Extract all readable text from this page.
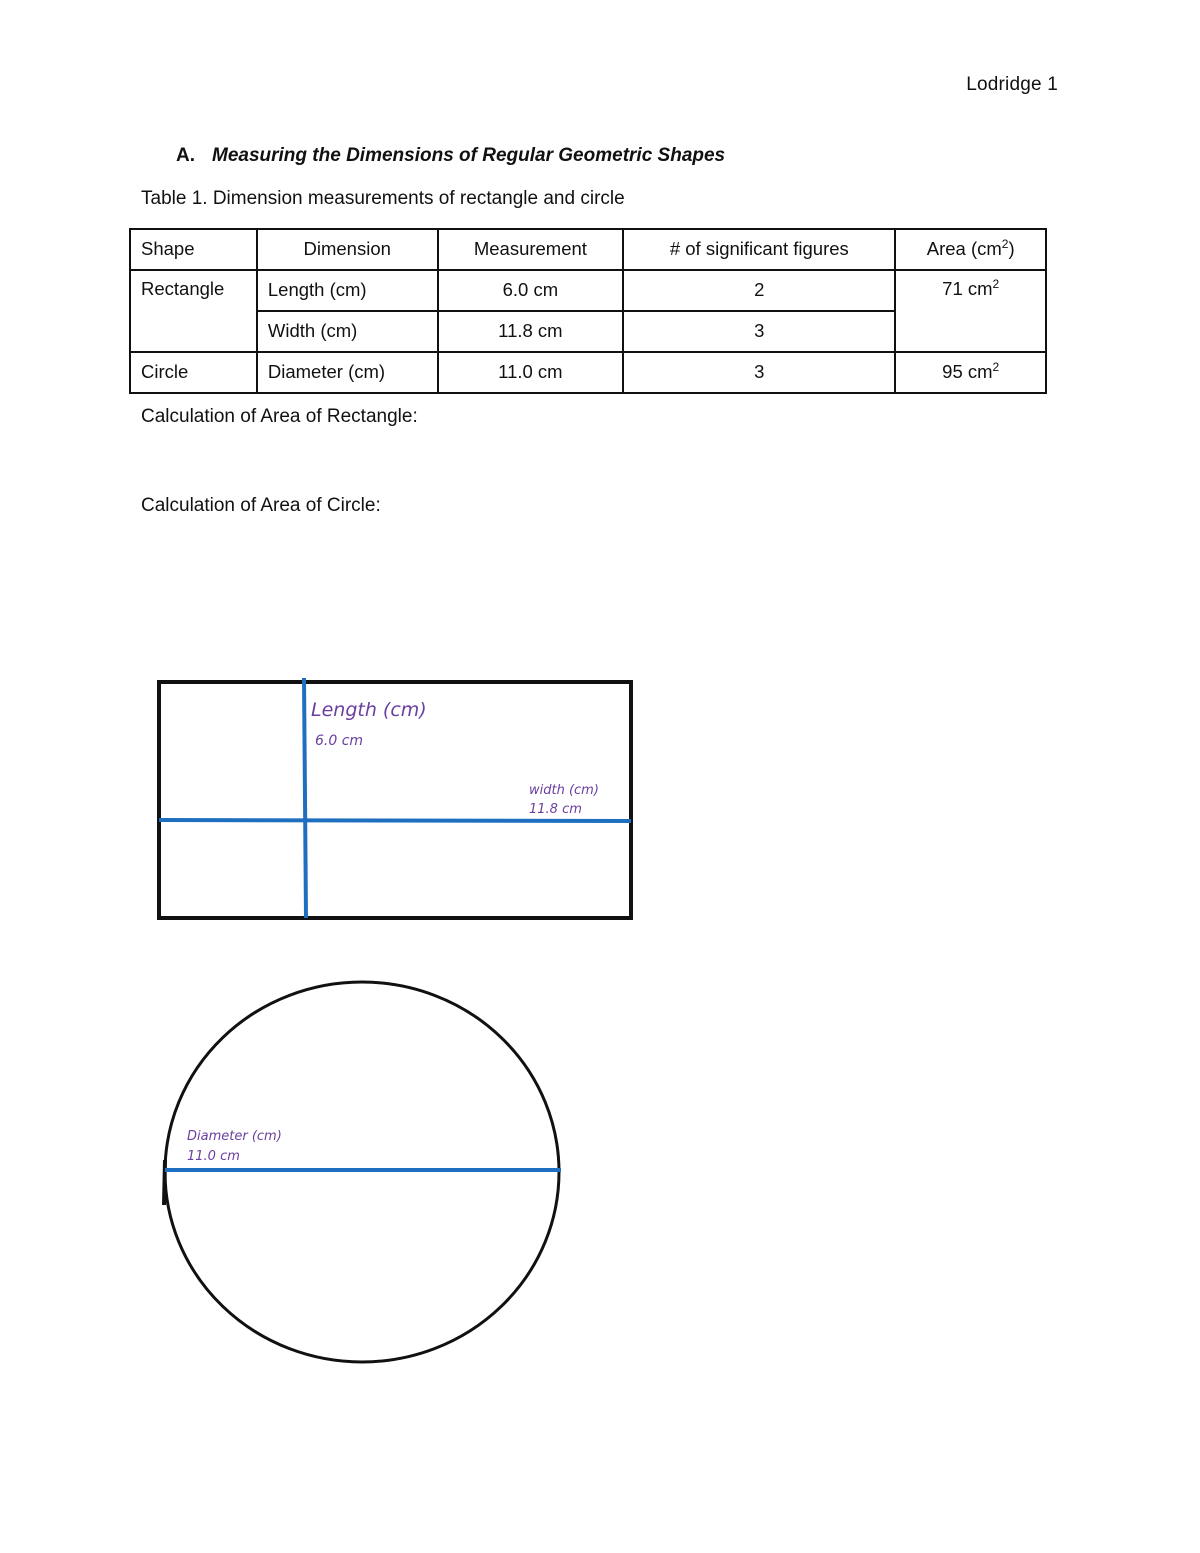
Lodridge 1
A. Measuring the Dimensions of Regular Geometric Shapes
Table 1. Dimension measurements of rectangle and circle
Shape	Dimension	Measurement	# of significant figures	Area $(cm^2)$
Rectangle	Length (cm)	6.0 cm	2	71 $cm^2$
	Width (cm)	11.8 cm	3	
Circle	Diameter (cm)	11.0 cm	3	95 $cm^2$
Calculation of Area of Rectangle:
Calculation of Area of Circle:
Length (cm)
6.0 cm
width (cm)
11.8 cm
Diameter (cm)
11.0 cm
